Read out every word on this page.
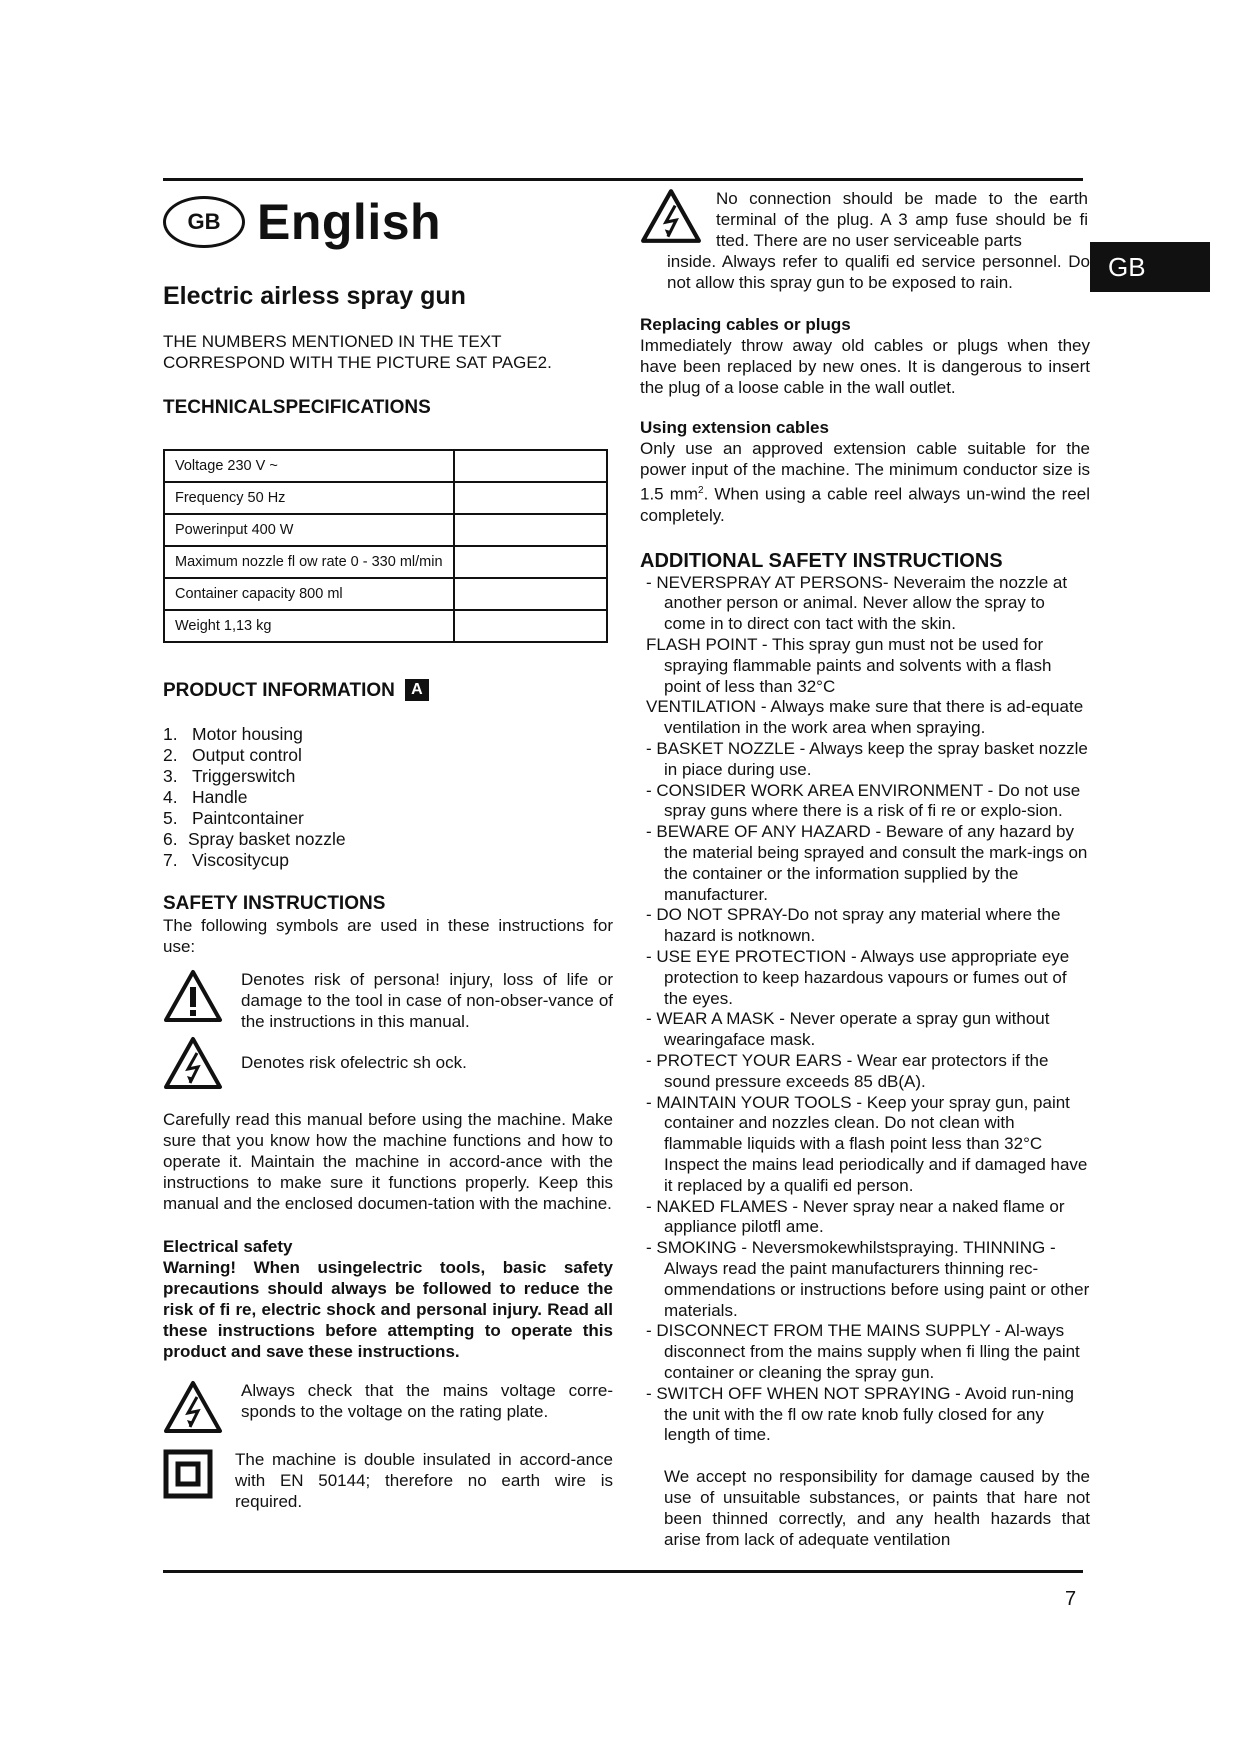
GB
GB English
Electric airless spray gun
THE NUMBERS MENTIONED IN THE TEXT CORRESPOND WITH THE PICTURE SAT PAGE2.
TECHNICALSPECIFICATIONS
Voltage 230 V ~	
Frequency 50 Hz	
Powerinput 400 W	
Maximum nozzle fl ow rate 0 - 330 ml/min	
Container capacity 800 ml	
Weight 1,13 kg	
PRODUCT INFORMATION A
1. Motor housing
2. Output control
3. Triggerswitch
4. Handle
5. Paintcontainer
6. Spray basket nozzle
7. Viscositycup
SAFETY INSTRUCTIONS
The following symbols are used in these instructions for use:
Denotes risk of persona! injury, loss of life or damage to the tool in case of non-obser-vance of the instructions in this manual.
Denotes risk ofelectric sh ock.
Carefully read this manual before using the machine. Make sure that you know how the machine functions and how to operate it. Maintain the machine in accord-ance with the instructions to make sure it functions properly. Keep this manual and the enclosed documen-tation with the machine.
Electrical safety
Warning! When usingelectric tools, basic safety precautions should always be followed to reduce the risk of fi re, electric shock and personal injury. Read all these instructions before attempting to operate this product and save these instructions.
Always check that the mains voltage corre-sponds to the voltage on the rating plate.
The machine is double insulated in accord-ance with EN 50144; therefore no earth wire is required.
No connection should be made to the earth terminal of the plug. A 3 amp fuse should be fi tted. There are no user serviceable parts
inside. Always refer to qualifi ed service personnel. Do not allow this spray gun to be exposed to rain.
Replacing cables or plugs
Immediately throw away old cables or plugs when they have been replaced by new ones. It is dangerous to insert the plug of a loose cable in the wall outlet.
Using extension cables
Only use an approved extension cable suitable for the power input of the machine. The minimum conductor size is 1.5 $mm^2$. When using a cable reel always un-wind the reel completely.
ADDITIONAL SAFETY INSTRUCTIONS
- NEVERSPRAY AT PERSONS- Neveraim the nozzle at another person or animal. Never allow the spray to come in to direct con tact with the skin.
FLASH POINT - This spray gun must not be used for spraying flammable paints and solvents with a flash point of less than 32°C
VENTILATION - Always make sure that there is ad-equate ventilation in the work area when spraying.
- BASKET NOZZLE - Always keep the spray basket nozzle in piace during use.
- CONSIDER WORK AREA ENVIRONMENT - Do not use spray guns where there is a risk of fi re or explo-sion.
- BEWARE OF ANY HAZARD - Beware of any hazard by the material being sprayed and consult the mark-ings on the container or the information supplied by the manufacturer.
- DO NOT SPRAY-Do not spray any material where the hazard is notknown.
- USE EYE PROTECTION - Always use appropriate eye protection to keep hazardous vapours or fumes out of the eyes.
- WEAR A MASK - Never operate a spray gun without wearingaface mask.
- PROTECT YOUR EARS - Wear ear protectors if the sound pressure exceeds 85 dB(A).
- MAINTAIN YOUR TOOLS - Keep your spray gun, paint container and nozzles clean. Do not clean with flammable liquids with a flash point less than 32°C Inspect the mains lead periodically and if damaged have it replaced by a qualifi ed person.
- NAKED FLAMES - Never spray near a naked flame or appliance pilotfl ame.
- SMOKING - Neversmokewhilstspraying. THINNING - Always read the paint manufacturers thinning rec-ommendations or instructions before using paint or other materials.
- DISCONNECT FROM THE MAINS SUPPLY - Al-ways disconnect from the mains supply when fi lling the paint container or cleaning the spray gun.
- SWITCH OFF WHEN NOT SPRAYING - Avoid run-ning the unit with the fl ow rate knob fully closed for any length of time.
We accept no responsibility for damage caused by the use of unsuitable substances, or paints that hare not been thinned correctly, and any health hazards that arise from lack of adequate ventilation
7
